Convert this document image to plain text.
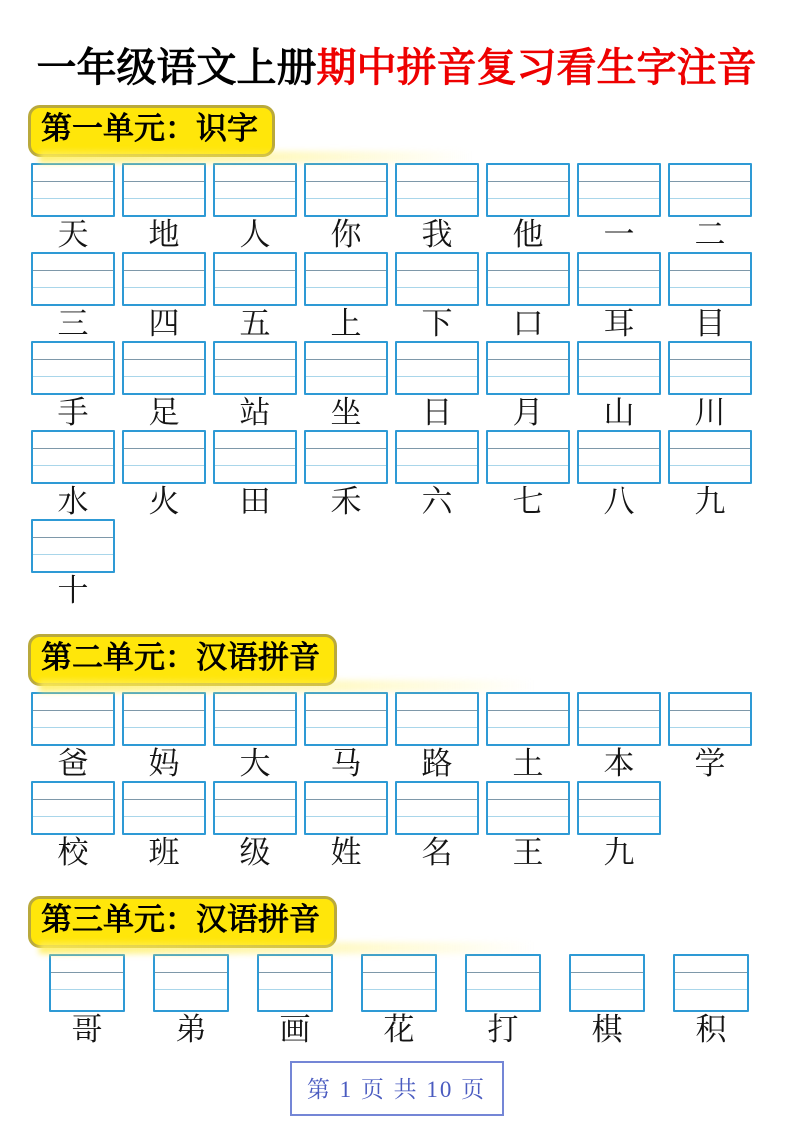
一年级语文上册期中拼音复习看生字注音
第一单元：识字
天 地 人 你 我 他 一 二
三 四 五 上 下 口 耳 目
手 足 站 坐 日 月 山 川
水 火 田 禾 六 七 八 九
十
第二单元：汉语拼音
爸 妈 大 马 路 土 本 学
校 班 级 姓 名 王 九
第三单元：汉语拼音
哥 弟 画 花 打 棋 积
第 1 页 共 10 页
